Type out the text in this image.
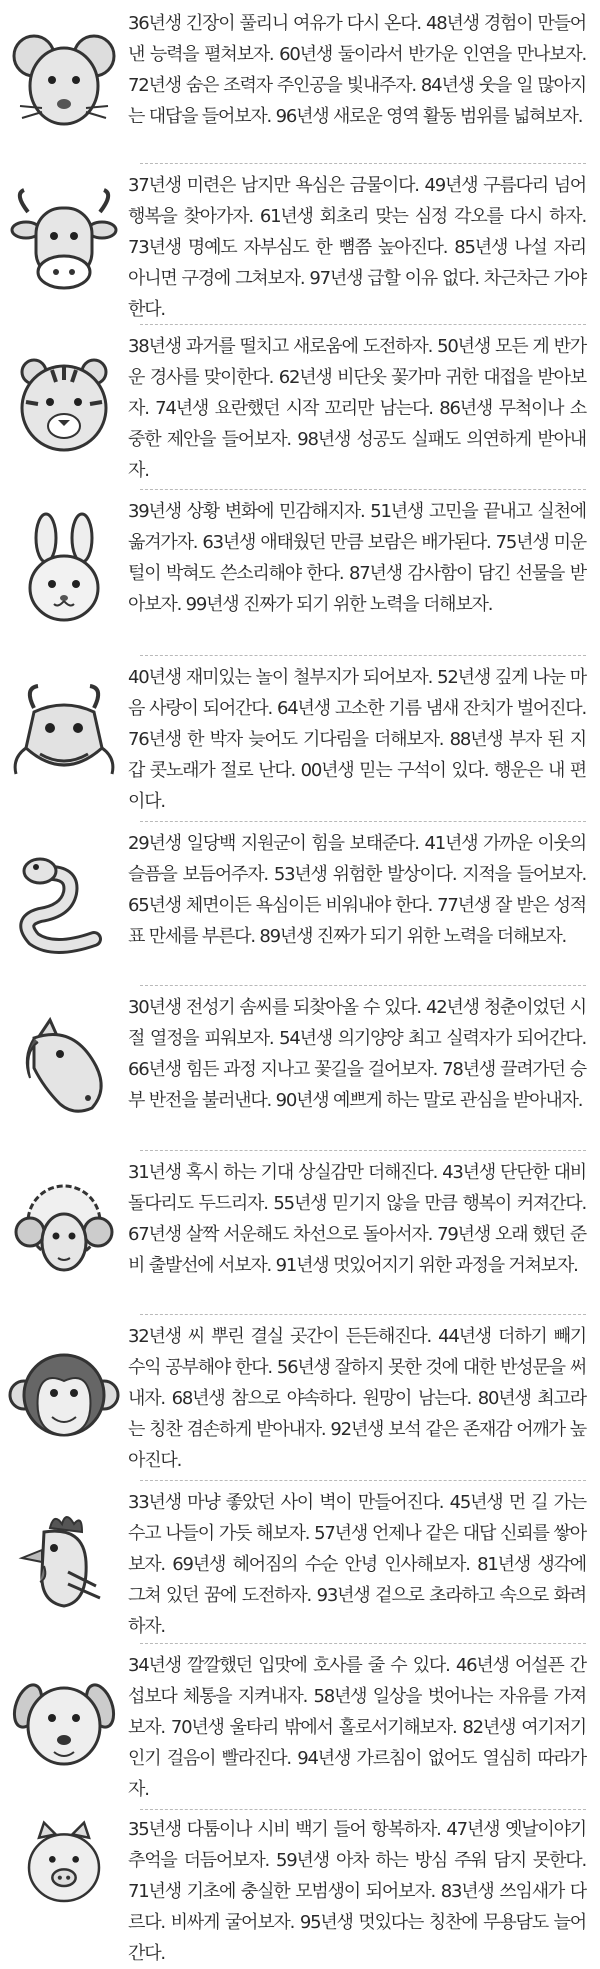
36년생 긴장이 풀리니 여유가 다시 온다. 48년생 경험이 만들어낸 능력을 펼쳐보자. 60년생 둘이라서 반가운 인연을 만나보자. 72년생 숨은 조력자 주인공을 빛내주자. 84년생 웃을 일 많아지는 대답을 들어보자. 96년생 새로운 영역 활동 범위를 넓혀보자.
37년생 미련은 남지만 욕심은 금물이다. 49년생 구름다리 넘어 행복을 찾아가자. 61년생 회초리 맞는 심정 각오를 다시 하자. 73년생 명예도 자부심도 한 뼘쯤 높아진다. 85년생 나설 자리 아니면 구경에 그쳐보자. 97년생 급할 이유 없다. 차근차근 가야 한다.
38년생 과거를 떨치고 새로움에 도전하자. 50년생 모든 게 반가운 경사를 맞이한다. 62년생 비단옷 꽃가마 귀한 대접을 받아보자. 74년생 요란했던 시작 꼬리만 남는다. 86년생 무척이나 소중한 제안을 들어보자. 98년생 성공도 실패도 의연하게 받아내자.
39년생 상황 변화에 민감해지자. 51년생 고민을 끝내고 실천에 옮겨가자. 63년생 애태웠던 만큼 보람은 배가된다. 75년생 미운털이 박혀도 쓴소리해야 한다. 87년생 감사함이 담긴 선물을 받아보자. 99년생 진짜가 되기 위한 노력을 더해보자.
40년생 재미있는 놀이 철부지가 되어보자. 52년생 깊게 나눈 마음 사랑이 되어간다. 64년생 고소한 기름 냄새 잔치가 벌어진다. 76년생 한 박자 늦어도 기다림을 더해보자. 88년생 부자 된 지갑 콧노래가 절로 난다. 00년생 믿는 구석이 있다. 행운은 내 편이다.
29년생 일당백 지원군이 힘을 보태준다. 41년생 가까운 이웃의 슬픔을 보듬어주자. 53년생 위험한 발상이다. 지적을 들어보자. 65년생 체면이든 욕심이든 비워내야 한다. 77년생 잘 받은 성적표 만세를 부른다. 89년생 진짜가 되기 위한 노력을 더해보자.
30년생 전성기 솜씨를 되찾아올 수 있다. 42년생 청춘이었던 시절 열정을 피워보자. 54년생 의기양양 최고 실력자가 되어간다. 66년생 힘든 과정 지나고 꽃길을 걸어보자. 78년생 끌려가던 승부 반전을 불러낸다. 90년생 예쁘게 하는 말로 관심을 받아내자.
31년생 혹시 하는 기대 상실감만 더해진다. 43년생 단단한 대비 돌다리도 두드리자. 55년생 믿기지 않을 만큼 행복이 커져간다. 67년생 살짝 서운해도 차선으로 돌아서자. 79년생 오래 했던 준비 출발선에 서보자. 91년생 멋있어지기 위한 과정을 거쳐보자.
32년생 씨 뿌린 결실 곳간이 든든해진다. 44년생 더하기 빼기 수익 공부해야 한다. 56년생 잘하지 못한 것에 대한 반성문을 써내자. 68년생 참으로 야속하다. 원망이 남는다. 80년생 최고라는 칭찬 겸손하게 받아내자. 92년생 보석 같은 존재감 어깨가 높아진다.
33년생 마냥 좋았던 사이 벽이 만들어진다. 45년생 먼 길 가는 수고 나들이 가듯 해보자. 57년생 언제나 같은 대답 신뢰를 쌓아보자. 69년생 헤어짐의 수순 안녕 인사해보자. 81년생 생각에 그쳐 있던 꿈에 도전하자. 93년생 겉으로 초라하고 속으로 화려하자.
34년생 깔깔했던 입맛에 호사를 줄 수 있다. 46년생 어설픈 간섭보다 체통을 지켜내자. 58년생 일상을 벗어나는 자유를 가져보자. 70년생 울타리 밖에서 홀로서기해보자. 82년생 여기저기 인기 걸음이 빨라진다. 94년생 가르침이 없어도 열심히 따라가자.
35년생 다툼이나 시비 백기 들어 항복하자. 47년생 옛날이야기 추억을 더듬어보자. 59년생 아차 하는 방심 주워 담지 못한다. 71년생 기초에 충실한 모범생이 되어보자. 83년생 쓰임새가 다르다. 비싸게 굴어보자. 95년생 멋있다는 칭찬에 무용담도 늘어간다.
